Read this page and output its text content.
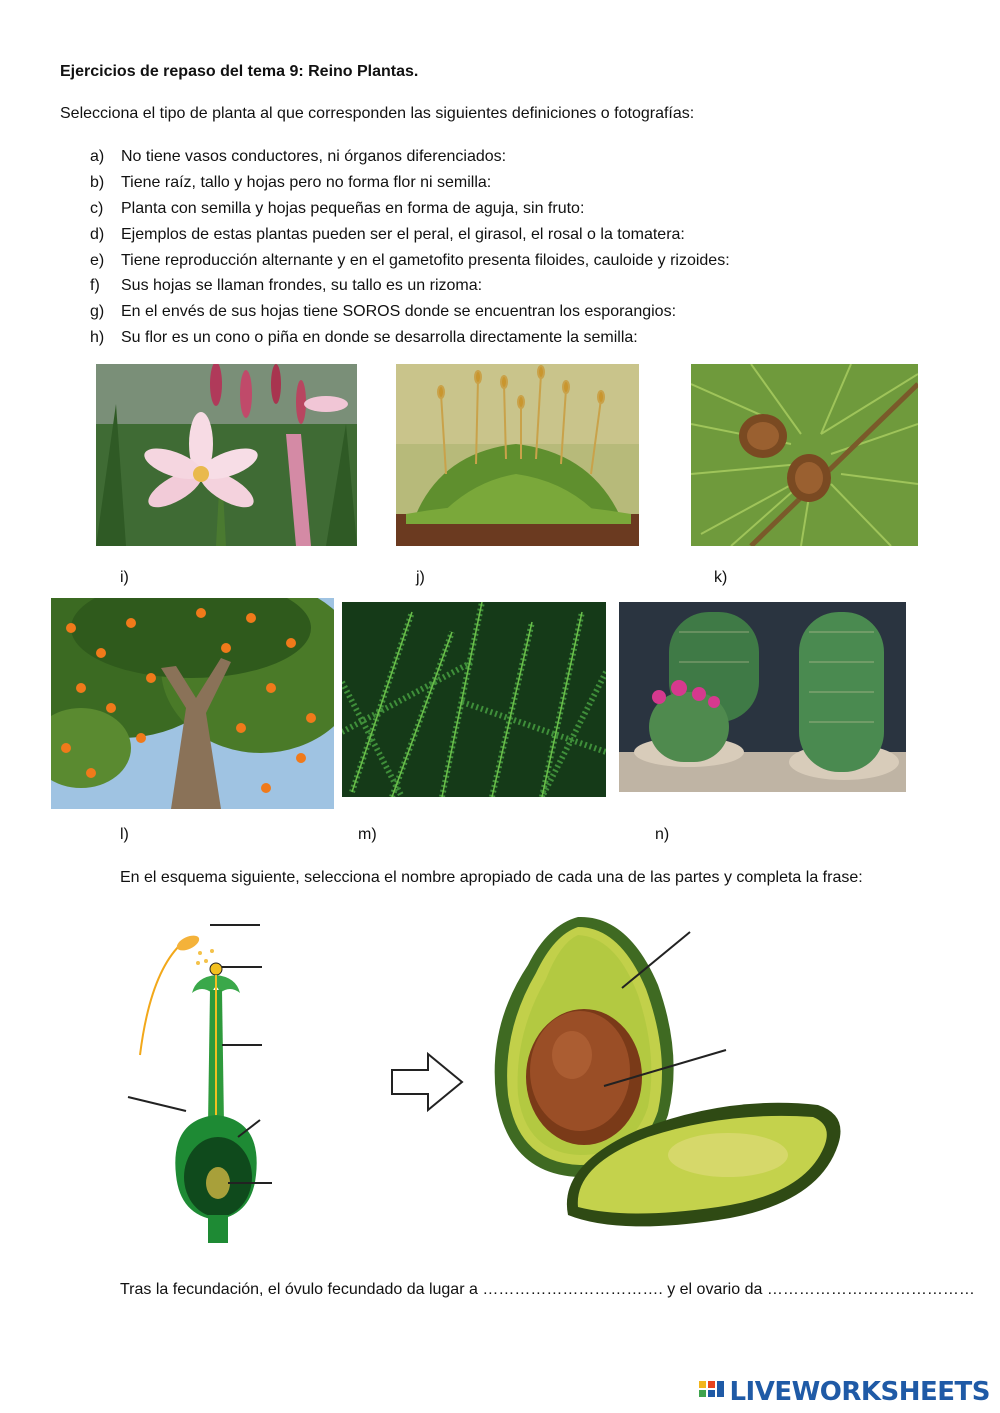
Ejercicios de repaso del tema 9: Reino Plantas.
Selecciona el tipo de planta al que corresponden las siguientes definiciones o fotografías:
a) No tiene vasos conductores, ni órganos diferenciados:
b) Tiene raíz, tallo y hojas pero no forma flor ni semilla:
c) Planta con semilla y hojas pequeñas en forma de aguja, sin fruto:
d) Ejemplos de estas plantas pueden ser el peral, el girasol, el rosal o la tomatera:
e) Tiene reproducción alternante y en el gametofito presenta filoides, cauloide y rizoides:
f) Sus hojas se llaman frondes, su tallo es un rizoma:
g) En el envés de sus hojas tiene SOROS donde se encuentran los esporangios:
h) Su flor es un cono o piña en donde se desarrolla directamente la semilla:
i)	j)	k)
l)	m)	n)
En el esquema siguiente, selecciona el nombre apropiado de cada una de las partes y completa la frase:
Tras la fecundación, el óvulo fecundado da lugar a ……………………………. y el ovario da …………………………………
LIVEWORKSHEETS
